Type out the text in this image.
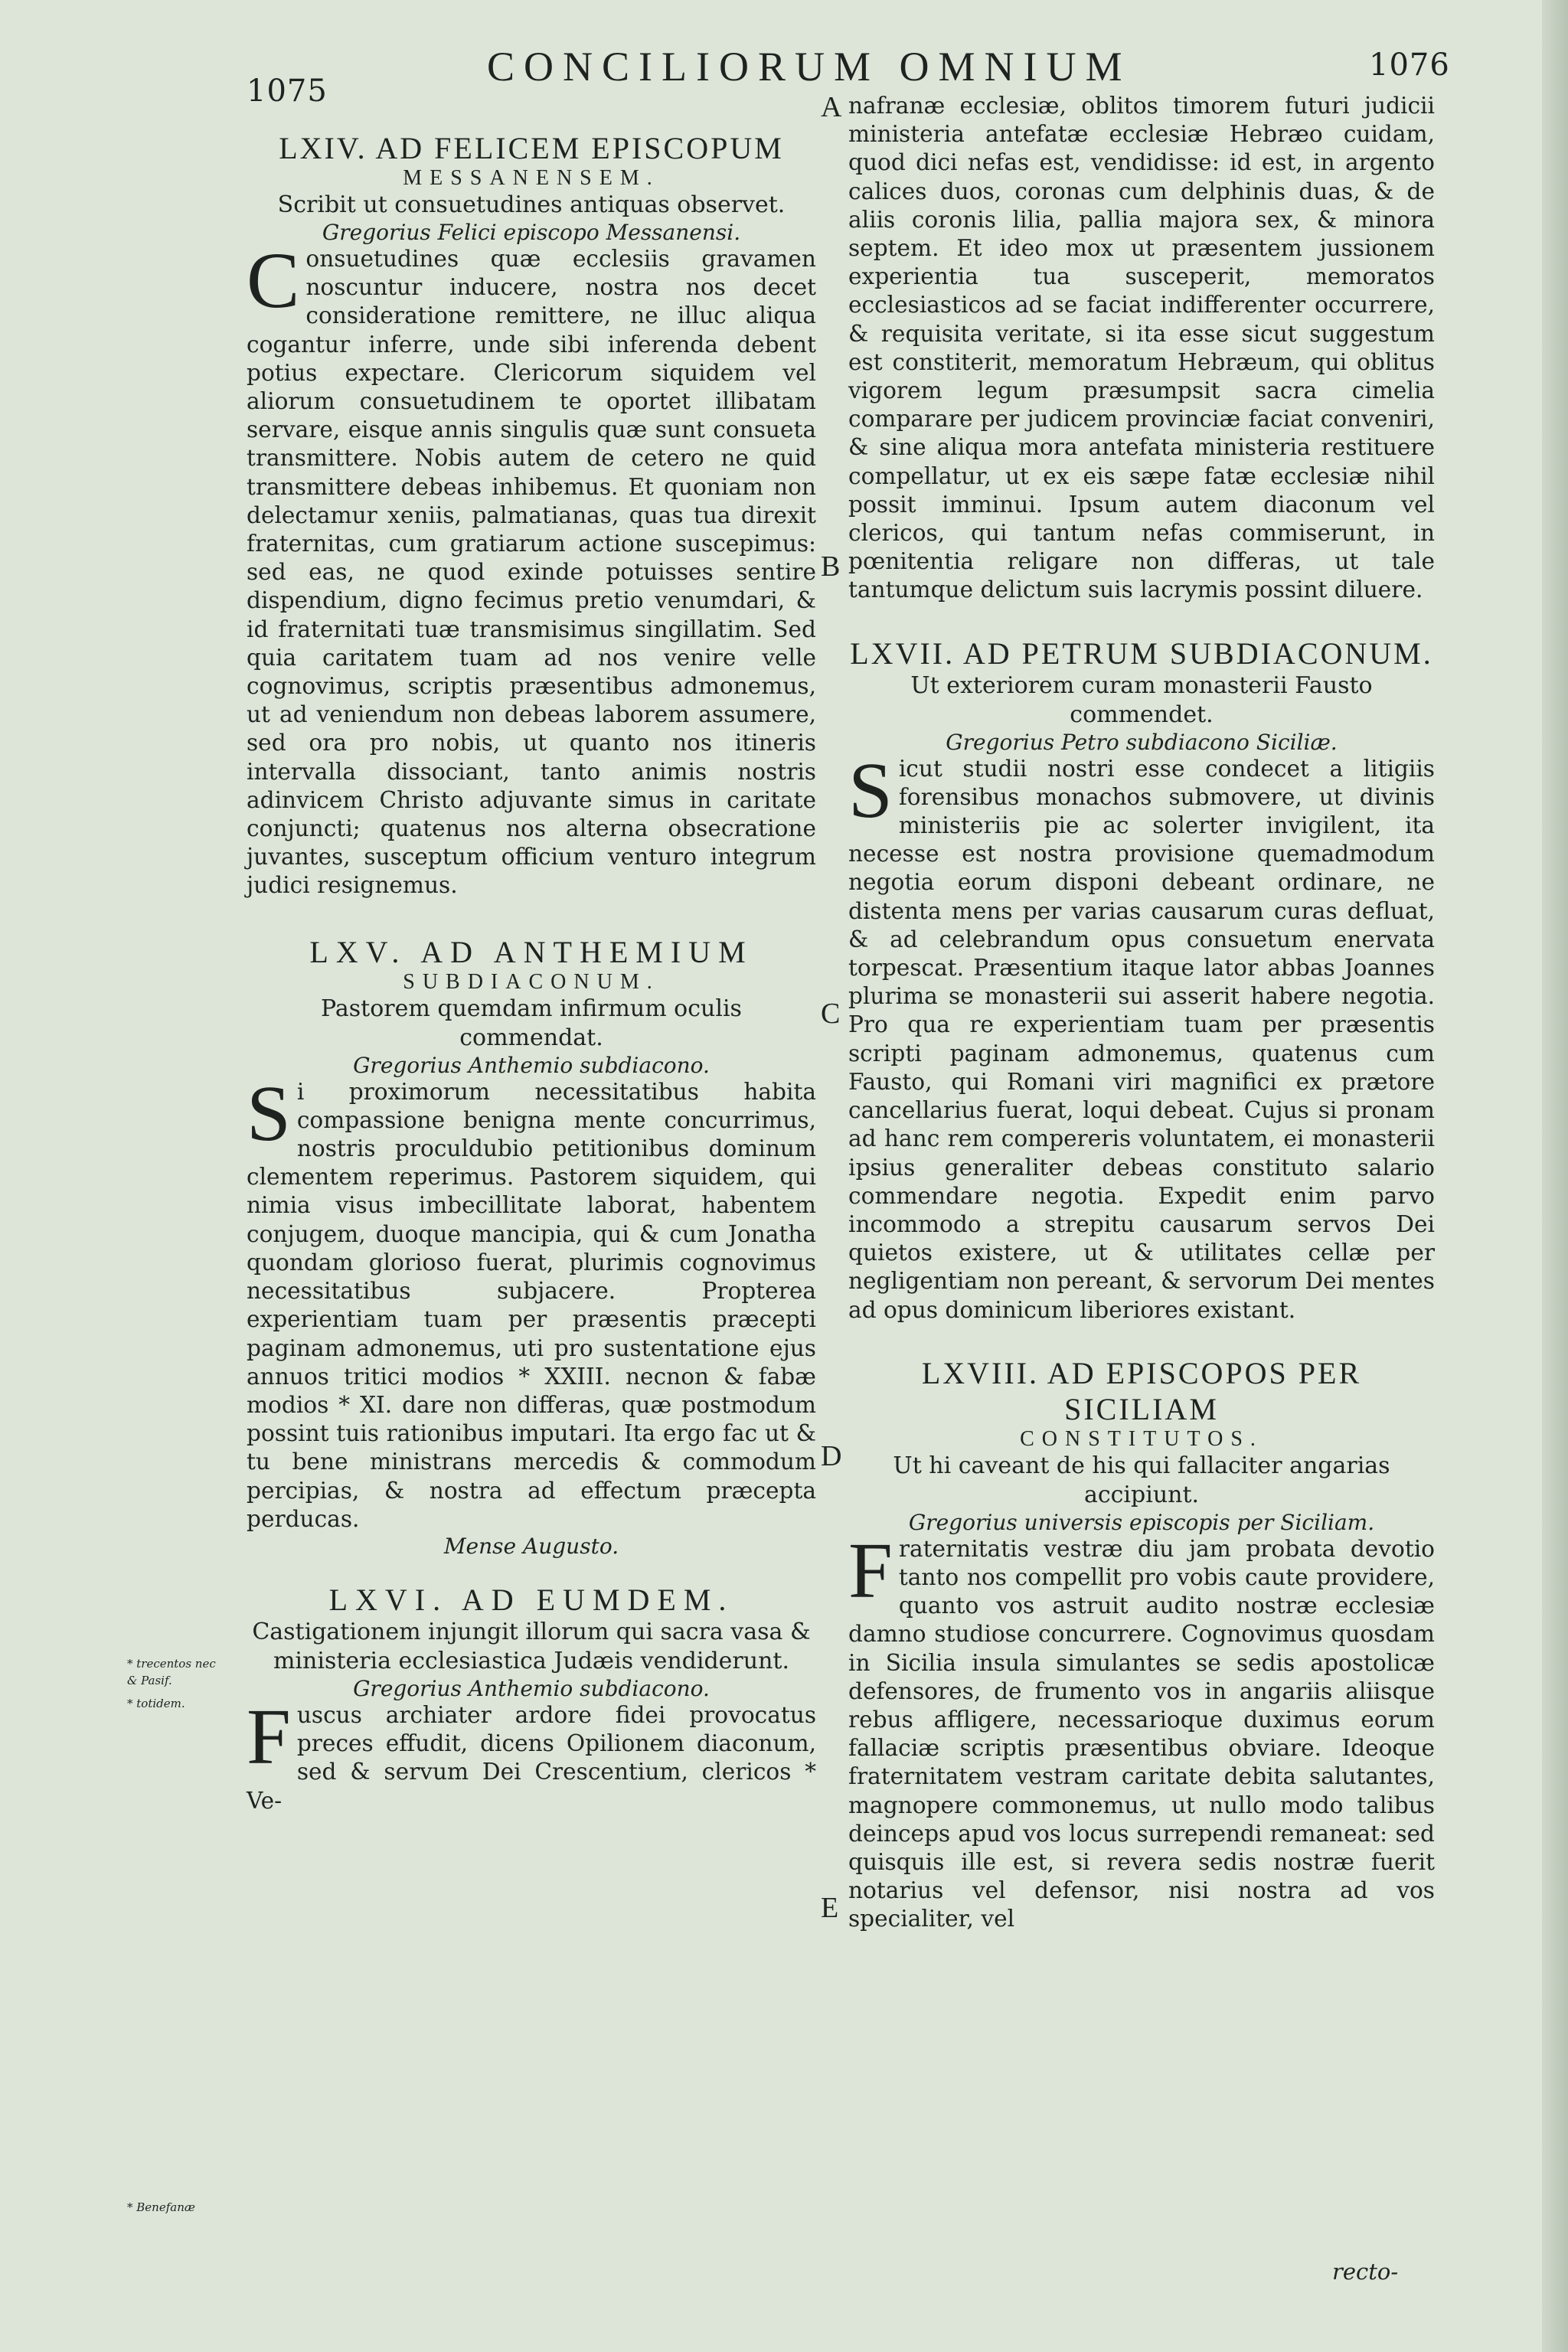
1075
CONCILIORUM OMNIUM	1076
LXIV. AD FELICEM EPISCOPUM
MESSANENSEM.

Scribit ut consuetudines antiquas observet.

Gregorius Felici episcopo Messanensi.

Consuetudines quæ ecclesiis gravamen noscuntur inducere, nostra nos decet consideratione remittere, ne illuc aliqua cogantur inferre, unde sibi inferenda debent potius expectare. Clericorum siquidem vel aliorum consuetudinem te oportet illibatam servare, eisque annis singulis quæ sunt consueta transmittere. Nobis autem de cetero ne quid transmittere debeas inhibemus. Et quoniam non delectamur xeniis, palmatianas, quas tua direxit fraternitas, cum gratiarum actione suscepimus: sed eas, ne quod exinde potuisses sentire dispendium, digno fecimus pretio venumdari, & id fraternitati tuæ transmisimus singillatim. Sed quia caritatem tuam ad nos venire velle cognovimus, scriptis præsentibus admonemus, ut ad veniendum non debeas laborem assumere, sed ora pro nobis, ut quanto nos itineris intervalla dissociant, tanto animis nostris adinvicem Christo adjuvante simus in caritate conjuncti; quatenus nos alterna obsecratione juvantes, susceptum officium venturo integrum judici resignemus.

LXV. AD ANTHEMIUM
SUBDIACONUM.

Pastorem quemdam infirmum oculis commendat.

Gregorius Anthemio subdiacono.

Si proximorum necessitatibus habita compassione benigna mente concurrimus, nostris proculdubio petitionibus dominum clementem reperimus. Pastorem siquidem, qui nimia visus imbecillitate laborat, habentem conjugem, duoque mancipia, qui & cum Jonatha quondam glorioso fuerat, plurimis cognovimus necessitatibus subjacere. Propterea experientiam tuam per præsentis præcepti paginam admonemus, uti pro sustentatione ejus annuos tritici modios * XXIII. necnon & fabæ modios * XI. dare non differas, quæ postmodum possint tuis rationibus imputari. Ita ergo fac ut & tu bene ministrans mercedis & commodum percipias, & nostra ad effectum præcepta perducas.

Mense Augusto.

LXVI. AD EUMDEM.

Castigationem injungit illorum qui sacra vasa & ministeria ecclesiastica Judæis vendiderunt.

Gregorius Anthemio subdiacono.

Fuscus archiater ardore fidei provocatus preces effudit, dicens Opilionem diaconum, sed & servum Dei Crescentium, clericos * Ve-

nafranæ ecclesiæ, oblitos timorem futuri judicii ministeria antefatæ ecclesiæ Hebræo cuidam, quod dici nefas est, vendidisse: id est, in argento calices duos, coronas cum delphinis duas, & de aliis coronis lilia, pallia majora sex, & minora septem. Et ideo mox ut præsentem jussionem experientia tua susceperit, memoratos ecclesiasticos ad se faciat indifferenter occurrere, & requisita veritate, si ita esse sicut suggestum est constiterit, memoratum Hebræum, qui oblitus vigorem legum præsumpsit sacra cimelia comparare per judicem provinciæ faciat conveniri, & sine aliqua mora antefata ministeria restituere compellatur, ut ex eis sæpe fatæ ecclesiæ nihil possit imminui. Ipsum autem diaconum vel clericos, qui tantum nefas commiserunt, in pœnitentia religare non differas, ut tale tantumque delictum suis lacrymis possint diluere.

LXVII. AD PETRUM SUBDIACONUM.

Ut exteriorem curam monasterii Fausto commendet.

Gregorius Petro subdiacono Siciliæ.

Sicut studii nostri esse condecet a litigiis forensibus monachos submovere, ut divinis ministeriis pie ac solerter invigilent, ita necesse est nostra provisione quemadmodum negotia eorum disponi debeant ordinare, ne distenta mens per varias causarum curas defluat, & ad celebrandum opus consuetum enervata torpescat. Præsentium itaque lator abbas Joannes plurima se monasterii sui asserit habere negotia. Pro qua re experientiam tuam per præsentis scripti paginam admonemus, quatenus cum Fausto, qui Romani viri magnifici ex prætore cancellarius fuerat, loqui debeat. Cujus si pronam ad hanc rem compereris voluntatem, ei monasterii ipsius generaliter debeas constituto salario commendare negotia. Expedit enim parvo incommodo a strepitu causarum servos Dei quietos existere, ut & utilitates cellæ per negligentiam non pereant, & servorum Dei mentes ad opus dominicum liberiores existant.

LXVIII. AD EPISCOPOS PER SICILIAM
CONSTITUTOS.

Ut hi caveant de his qui fallaciter angarias accipiunt.

Gregorius universis episcopis per Siciliam.

Fraternitatis vestræ diu jam probata devotio tanto nos compellit pro vobis caute providere, quanto vos astruit audito nostræ ecclesiæ damno studiose concurrere. Cognovimus quosdam in Sicilia insula simulantes se sedis apostolicæ defensores, de frumento vos in angariis aliisque rebus affligere, necessarioque duximus eorum fallaciæ scriptis præsentibus obviare. Ideoque fraternitatem vestram caritate debita salutantes, magnopere commonemus, ut nullo modo talibus deinceps apud vos locus surrependi remaneat: sed quisquis ille est, si revera sedis nostræ fuerit notarius vel defensor, nisi nostra ad vos specialiter, vel

recto-
A
B
C
D
E
* trecentos nec & Pasif.
* totidem.
* Benefanæ
